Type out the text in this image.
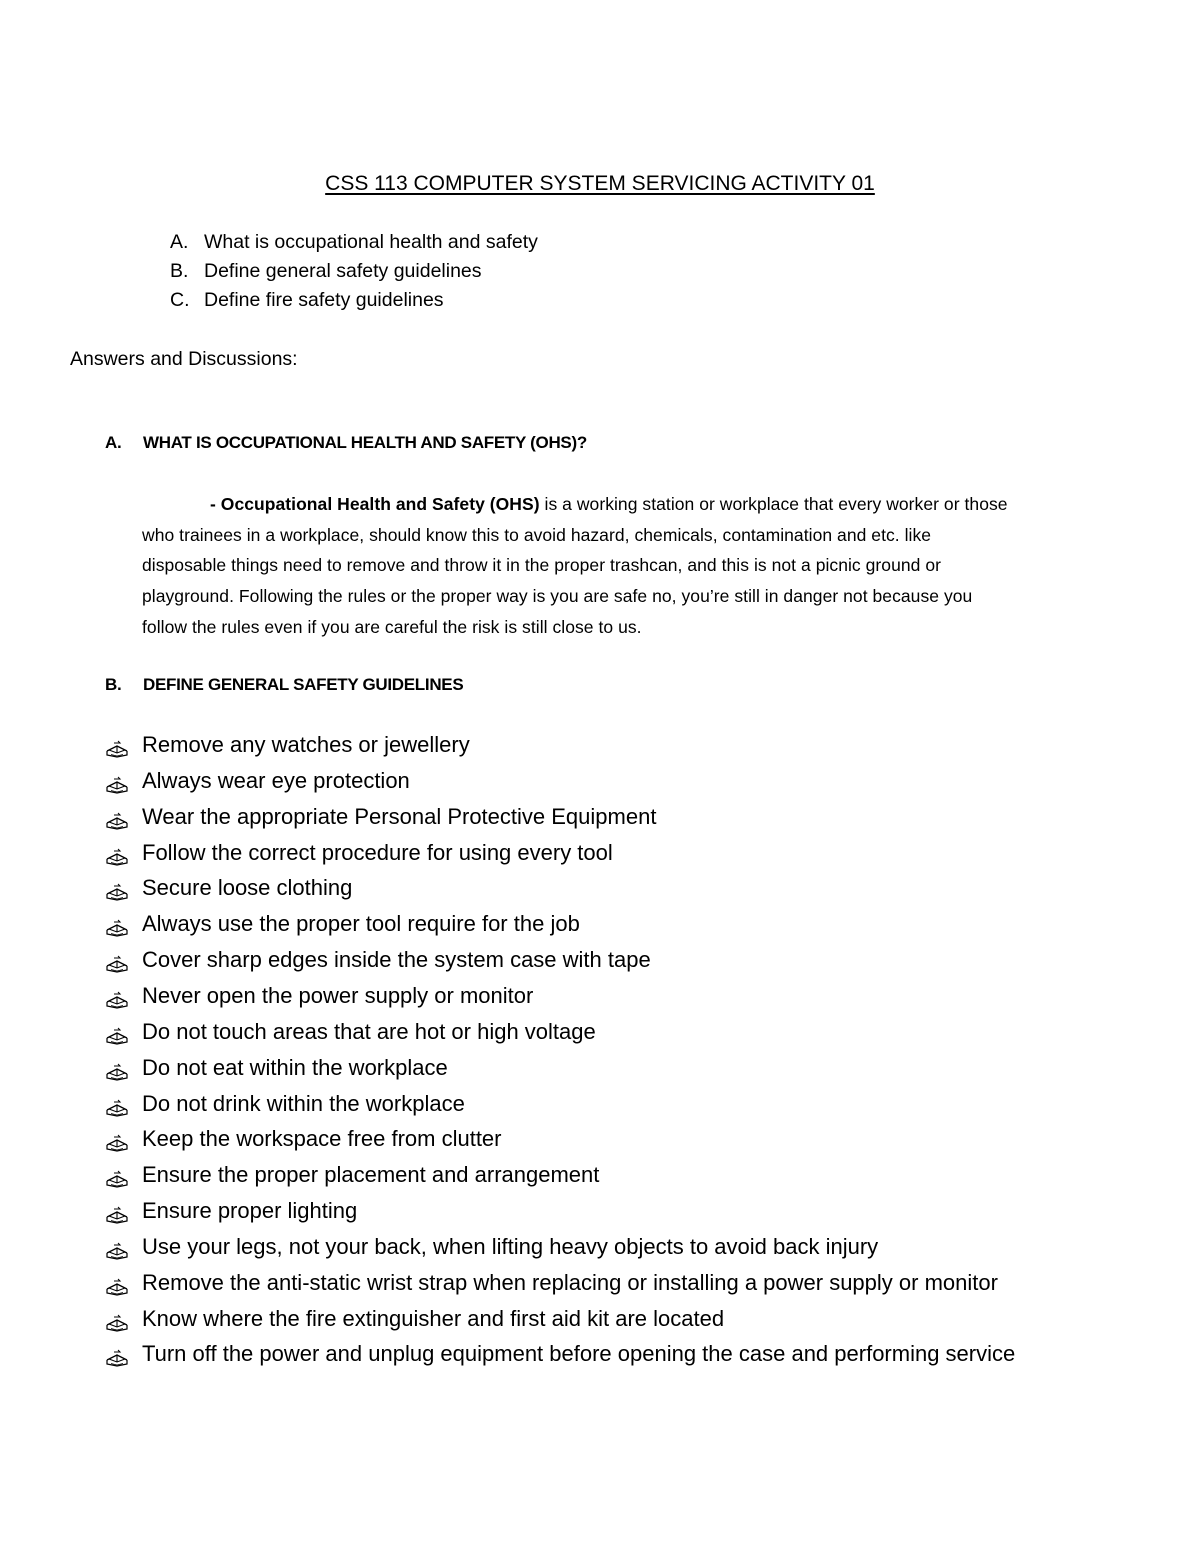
CSS 113 COMPUTER SYSTEM SERVICING ACTIVITY 01
A. What is occupational health and safety
B. Define general safety guidelines
C. Define fire safety guidelines
Answers and Discussions:
A. WHAT IS OCCUPATIONAL HEALTH AND SAFETY (OHS)?
- Occupational Health and Safety (OHS) is a working station or workplace that every worker or those
who trainees in a workplace, should know this to avoid hazard, chemicals, contamination and etc. like
disposable things need to remove and throw it in the proper trashcan, and this is not a picnic ground or
playground. Following the rules or the proper way is you are safe no, you’re still in danger not because you
follow the rules even if you are careful the risk is still close to us.
B. DEFINE GENERAL SAFETY GUIDELINES
Remove any watches or jewellery
Always wear eye protection
Wear the appropriate Personal Protective Equipment
Follow the correct procedure for using every tool
Secure loose clothing
Always use the proper tool require for the job
Cover sharp edges inside the system case with tape
Never open the power supply or monitor
Do not touch areas that are hot or high voltage
Do not eat within the workplace
Do not drink within the workplace
Keep the workspace free from clutter
Ensure the proper placement and arrangement
Ensure proper lighting
Use your legs, not your back, when lifting heavy objects to avoid back injury
Remove the anti-static wrist strap when replacing or installing a power supply or monitor
Know where the fire extinguisher and first aid kit are located
Turn off the power and unplug equipment before opening the case and performing service
